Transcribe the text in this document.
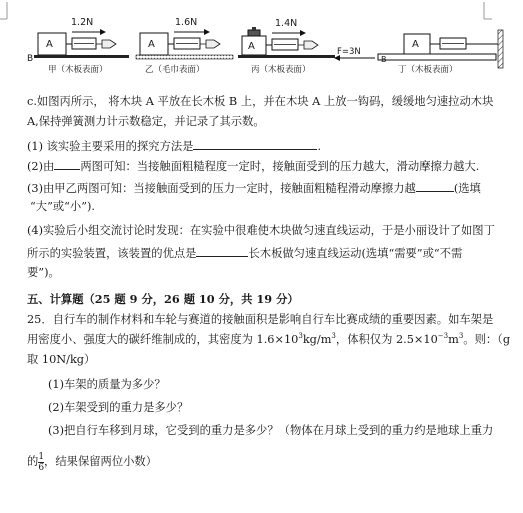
1.2N
A
B
甲（木板表面）
1.6N
A
乙（毛巾表面）
1.4N
A
丙（木板表面）
F=3N
A
B
丁（木板表面）
c.如图丙所示， 将木块 A 平放在长木板 B 上，并在木块 A 上放一钩码，缓缓地匀速拉动木块
A,保持弹簧测力计示数稳定，并记录了其示数。
(1) 该实验主要采用的探究方法是	.
(2)由 两图可知：当接触面粗糙程度一定时，接触面受到的压力越大，滑动摩擦力越大.
(3)由甲乙两图可知：当接触面受到的压力一定时，接触面粗糙程滑动摩擦力越	(选填
“大”或“小”).
(4)实验后小组交流讨论时发现：在实验中很难使木块做匀速直线运动，于是小丽设计了如图丁
所示的实验装置，该装置的优点是	长木板做匀速直线运动(选填“需要”或“不需
要”)。
五、计算题（25 题 9 分，26 题 10 分，共 19 分）
25．自行车的制作材料和车轮与赛道的接触面积是影响自行车比赛成绩的重要因素。如车架是
用密度小、强度大的碳纤维制成的，其密度为 $1.6\times 10^3kg/m^3$，体积仅为 $2.5\times 10^{-3}m^3$。则：（g
取 10N/kg）
(1)车架的质量为多少？
(2)车架受到的重力是多少？
(3)把自行车移到月球，它受到的重力是多少？（物体在月球上受到的重力约是地球上重力
的 $\frac{1}{6}$ ，结果保留两位小数）
